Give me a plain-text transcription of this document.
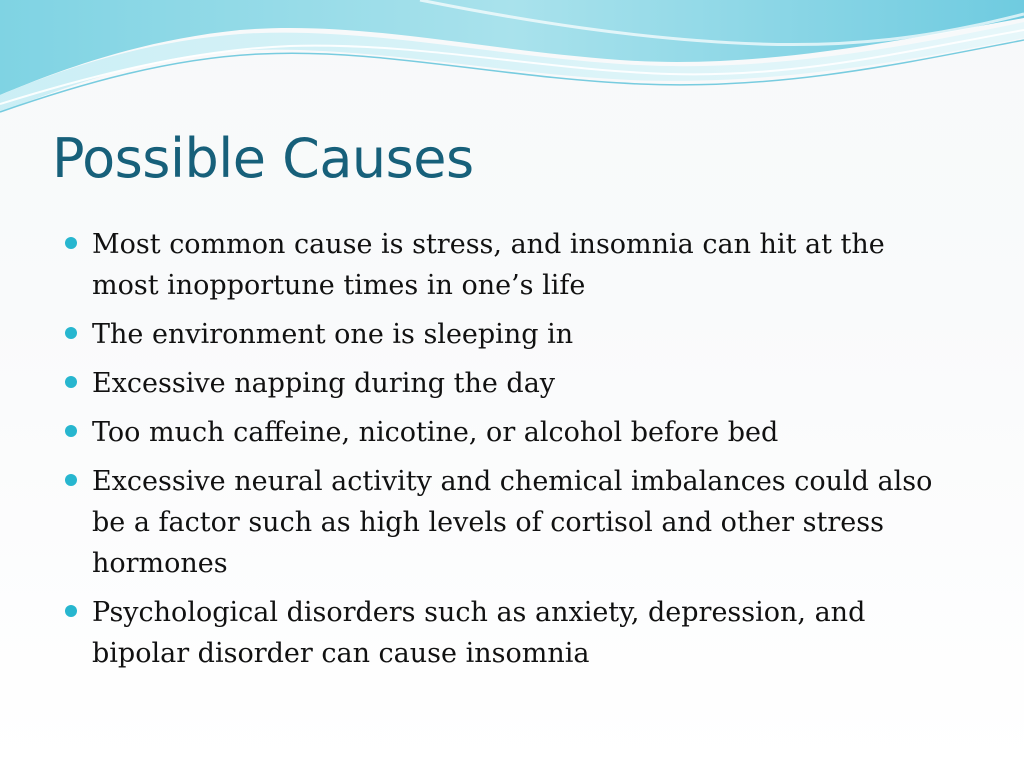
Possible Causes
Most common cause is stress, and insomnia can hit at the most inopportune times in one’s life
The environment one is sleeping in
Excessive napping during the day
Too much caffeine, nicotine, or alcohol before bed
Excessive neural activity and chemical imbalances could also be a factor such as high levels of cortisol and other stress hormones
Psychological disorders such as anxiety, depression, and bipolar disorder can cause insomnia
